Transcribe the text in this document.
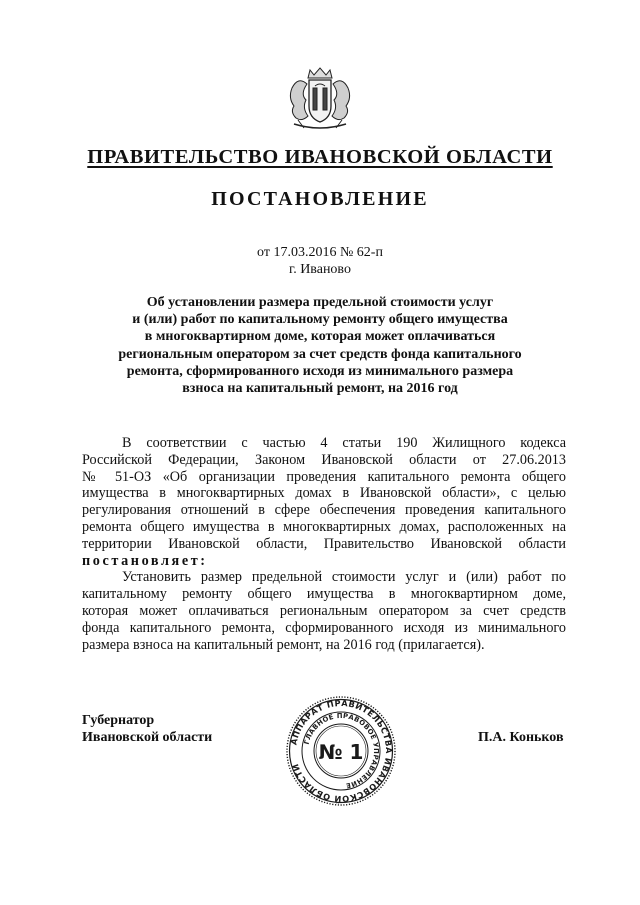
ПРАВИТЕЛЬСТВО ИВАНОВСКОЙ ОБЛАСТИ
ПОСТАНОВЛЕНИЕ
от 17.03.2016 № 62-п
г. Иваново

Об установлении размера предельной стоимости услуг
и (или) работ по капитальному ремонту общего имущества
в многоквартирном доме, которая может оплачиваться
региональным оператором за счет средств фонда капитального
ремонта, сформированного исходя из минимального размера
взноса на капитальный ремонт, на 2016 год

В соответствии с частью 4 статьи 190 Жилищного кодекса
Российской Федерации, Законом Ивановской области от 27.06.2013
№ 51-ОЗ «Об организации проведения капитального ремонта общего
имущества в многоквартирных домах в Ивановской области», с целью
регулирования отношений в сфере обеспечения проведения капитального
ремонта общего имущества в многоквартирных домах, расположенных на
территории Ивановской области, Правительство Ивановской области
постановляет:
Установить размер предельной стоимости услуг и (или) работ по
капитальному ремонту общего имущества в многоквартирном доме,
которая может оплачиваться региональным оператором за счет средств
фонда капитального ремонта, сформированного исходя из минимального
размера взноса на капитальный ремонт, на 2016 год (прилагается).
Губернатор
Ивановской области	АППАРАТ ПРАВИТЕЛЬСТВА ИВАНОВСКОЙ ОБЛАСТИ
ГЛАВНОЕ ПРАВОВОЕ УПРАВЛЕНИЕ
№ 1
П.А. Коньков
